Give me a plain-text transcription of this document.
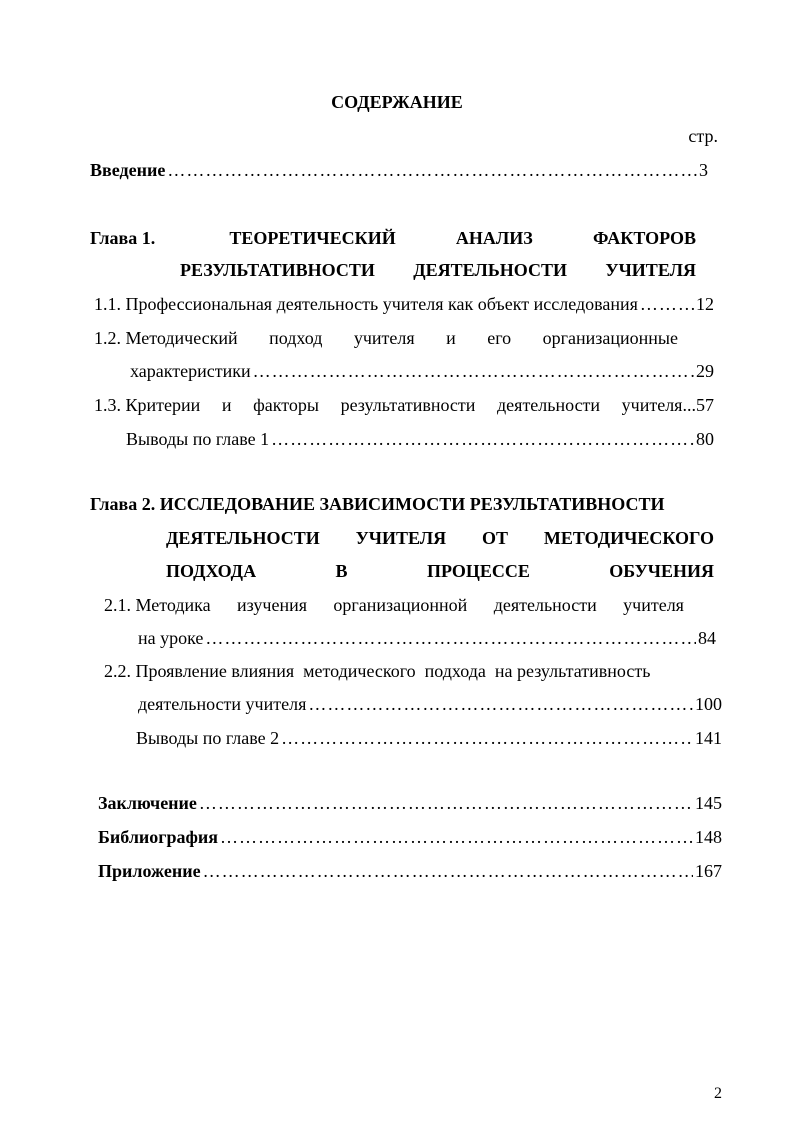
СОДЕРЖАНИЕ
стр.
Введение ………………………………………………………………………………………………………………………………………………………………………	3
Глава 1.	ТЕОРЕТИЧЕСКИЙ	АНАЛИЗ	ФАКТОРОВ
РЕЗУЛЬТАТИВНОСТИ ДЕЯТЕЛЬНОСТИ УЧИТЕЛЯ
1.1. Профессиональная деятельность учителя как объект исследования ………………………………………………………………………………………………………………………………………………………………………	12
1.2. Методический подход учителя и его организационные
характеристики ………………………………………………………………………………………………………………………………………………………………………	29
1.3. Критерии и факторы результативности деятельности учителя...57
Выводы по главе 1 ………………………………………………………………………………………………………………………………………………………………………	80
Глава 2. ИССЛЕДОВАНИЕ ЗАВИСИМОСТИ РЕЗУЛЬТАТИВНОСТИ
ДЕЯТЕЛЬНОСТИ УЧИТЕЛЯ ОТ МЕТОДИЧЕСКОГО
ПОДХОДА	В	ПРОЦЕССЕ	ОБУЧЕНИЯ
2.1. Методика изучения организационной деятельности учителя
на уроке ………………………………………………………………………………………………………………………………………………………………………	84
2.2. Проявление влияния  методического  подхода  на результативность
деятельности учителя ………………………………………………………………………………………………………………………………………………………………………	100
Выводы по главе 2 ………………………………………………………………………………………………………………………………………………………………………	141
Заключение ………………………………………………………………………………………………………………………………………………………………………	145
Библиография ………………………………………………………………………………………………………………………………………………………………………	148
Приложение ………………………………………………………………………………………………………………………………………………………………………	167
2
